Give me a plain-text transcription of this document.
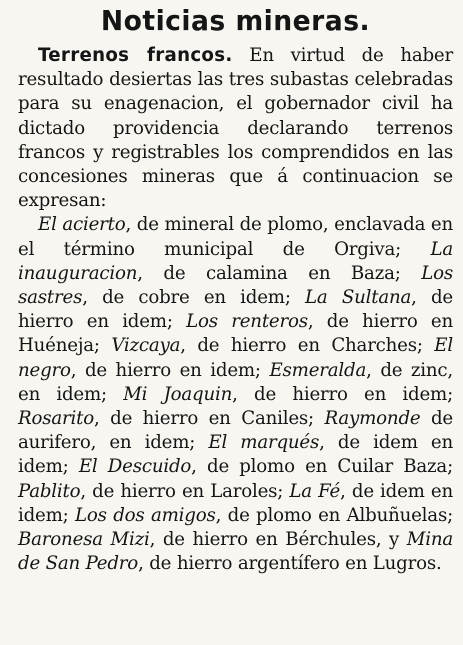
Noticias mineras.

Terrenos francos. En virtud de haber resultado desiertas las tres subastas celebradas para su enagenacion, el gobernador civil ha dictado providencia declarando terrenos francos y registrables los comprendidos en las concesiones mineras que á continuacion se expresan:

El acierto, de mineral de plomo, enclavada en el término municipal de Orgiva; La inauguracion, de calamina en Baza; Los sastres, de cobre en idem; La Sultana, de hierro en idem; Los renteros, de hierro en Huéneja; Vizcaya, de hierro en Charches; El negro, de hierro en idem; Esmeralda, de zinc, en idem; Mi Joaquin, de hierro en idem; Rosarito, de hierro en Caniles; Raymonde de aurifero, en idem; El marqués, de idem en idem; El Descuido, de plomo en Cuilar Baza; Pablito, de hierro en Laroles; La Fé, de idem en idem; Los dos amigos, de plomo en Albuñuelas; Baronesa Mizi, de hierro en Bérchules, y Mina de San Pedro, de hierro argentífero en Lugros.
